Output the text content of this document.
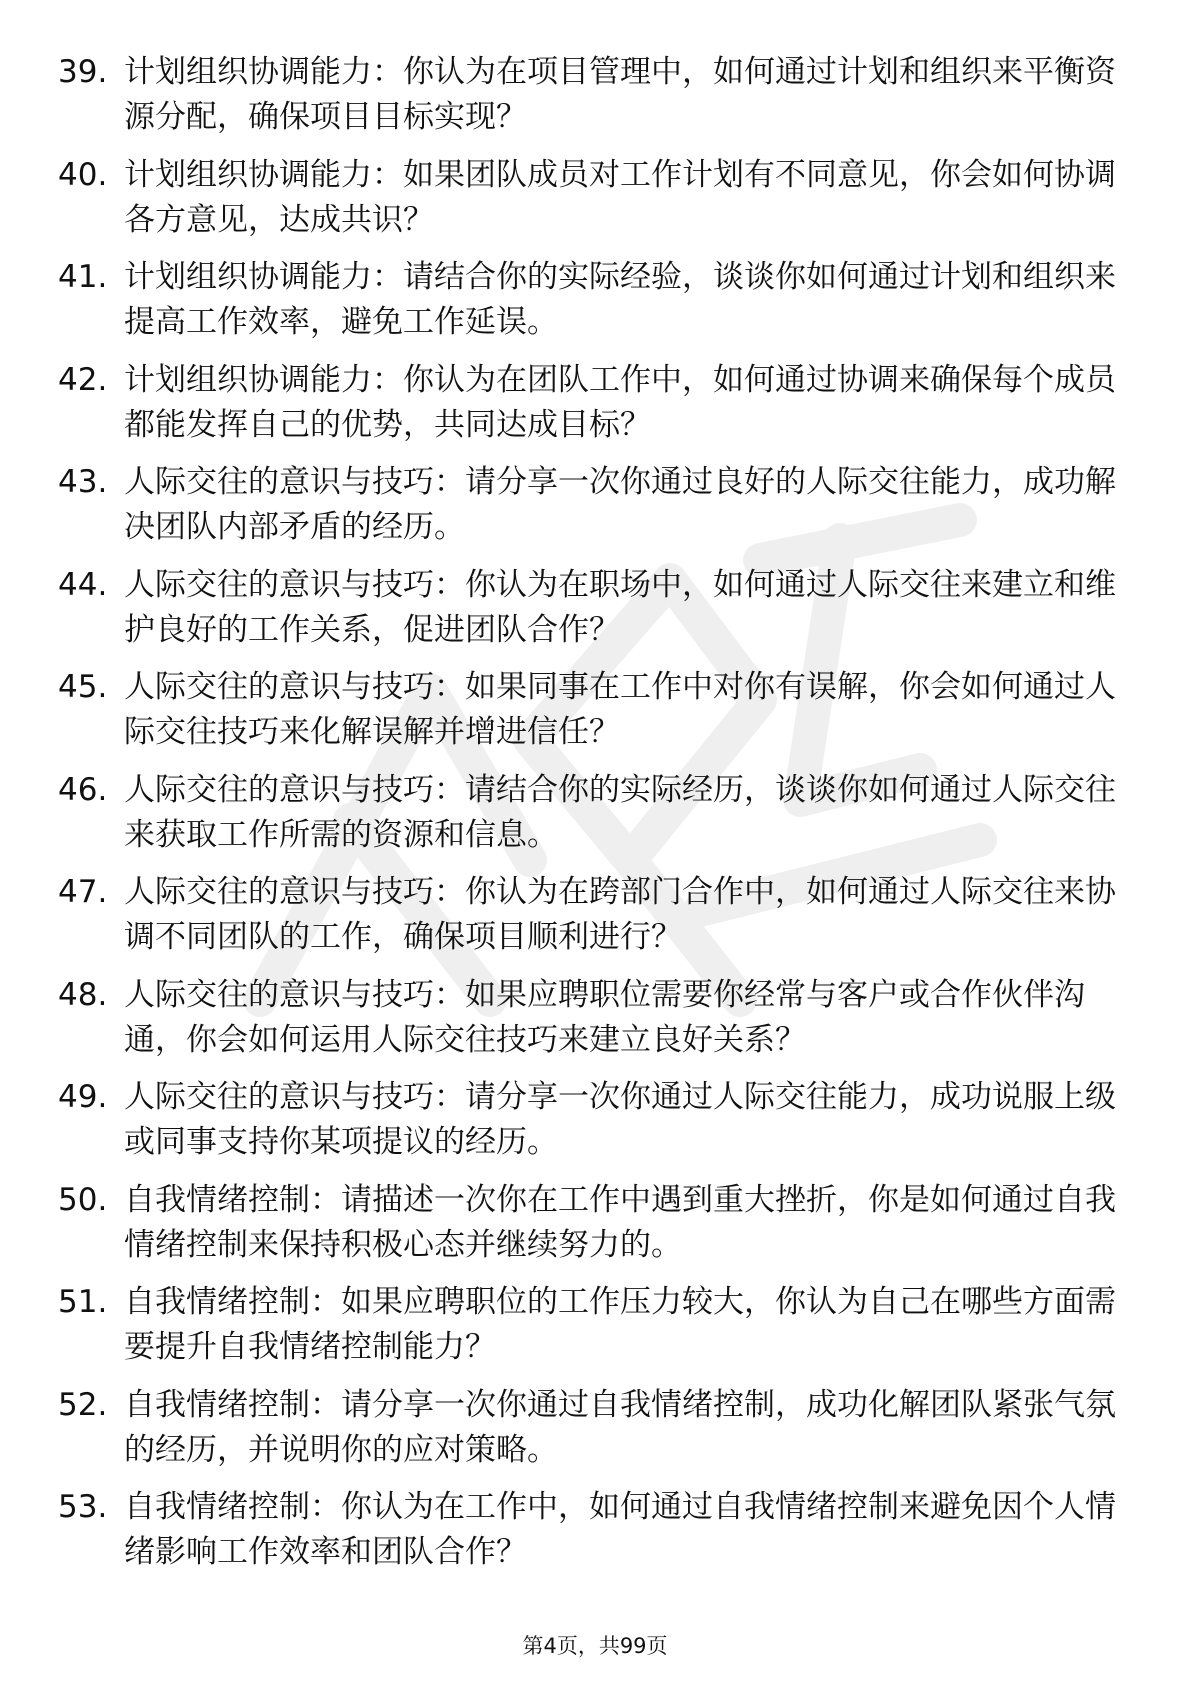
39. 计划组织协调能力：你认为在项目管理中，如何通过计划和组织来平衡资源分配，确保项目目标实现？
40. 计划组织协调能力：如果团队成员对工作计划有不同意见，你会如何协调各方意见，达成共识？
41. 计划组织协调能力：请结合你的实际经验，谈谈你如何通过计划和组织来提高工作效率，避免工作延误。
42. 计划组织协调能力：你认为在团队工作中，如何通过协调来确保每个成员都能发挥自己的优势，共同达成目标？
43. 人际交往的意识与技巧：请分享一次你通过良好的人际交往能力，成功解决团队内部矛盾的经历。
44. 人际交往的意识与技巧：你认为在职场中，如何通过人际交往来建立和维护良好的工作关系，促进团队合作？
45. 人际交往的意识与技巧：如果同事在工作中对你有误解，你会如何通过人际交往技巧来化解误解并增进信任？
46. 人际交往的意识与技巧：请结合你的实际经历，谈谈你如何通过人际交往来获取工作所需的资源和信息。
47. 人际交往的意识与技巧：你认为在跨部门合作中，如何通过人际交往来协调不同团队的工作，确保项目顺利进行？
48. 人际交往的意识与技巧：如果应聘职位需要你经常与客户或合作伙伴沟通，你会如何运用人际交往技巧来建立良好关系？
49. 人际交往的意识与技巧：请分享一次你通过人际交往能力，成功说服上级或同事支持你某项提议的经历。
50. 自我情绪控制：请描述一次你在工作中遇到重大挫折，你是如何通过自我情绪控制来保持积极心态并继续努力的。
51. 自我情绪控制：如果应聘职位的工作压力较大，你认为自己在哪些方面需要提升自我情绪控制能力？
52. 自我情绪控制：请分享一次你通过自我情绪控制，成功化解团队紧张气氛的经历，并说明你的应对策略。
53. 自我情绪控制：你认为在工作中，如何通过自我情绪控制来避免因个人情绪影响工作效率和团队合作？
第4页，共99页
